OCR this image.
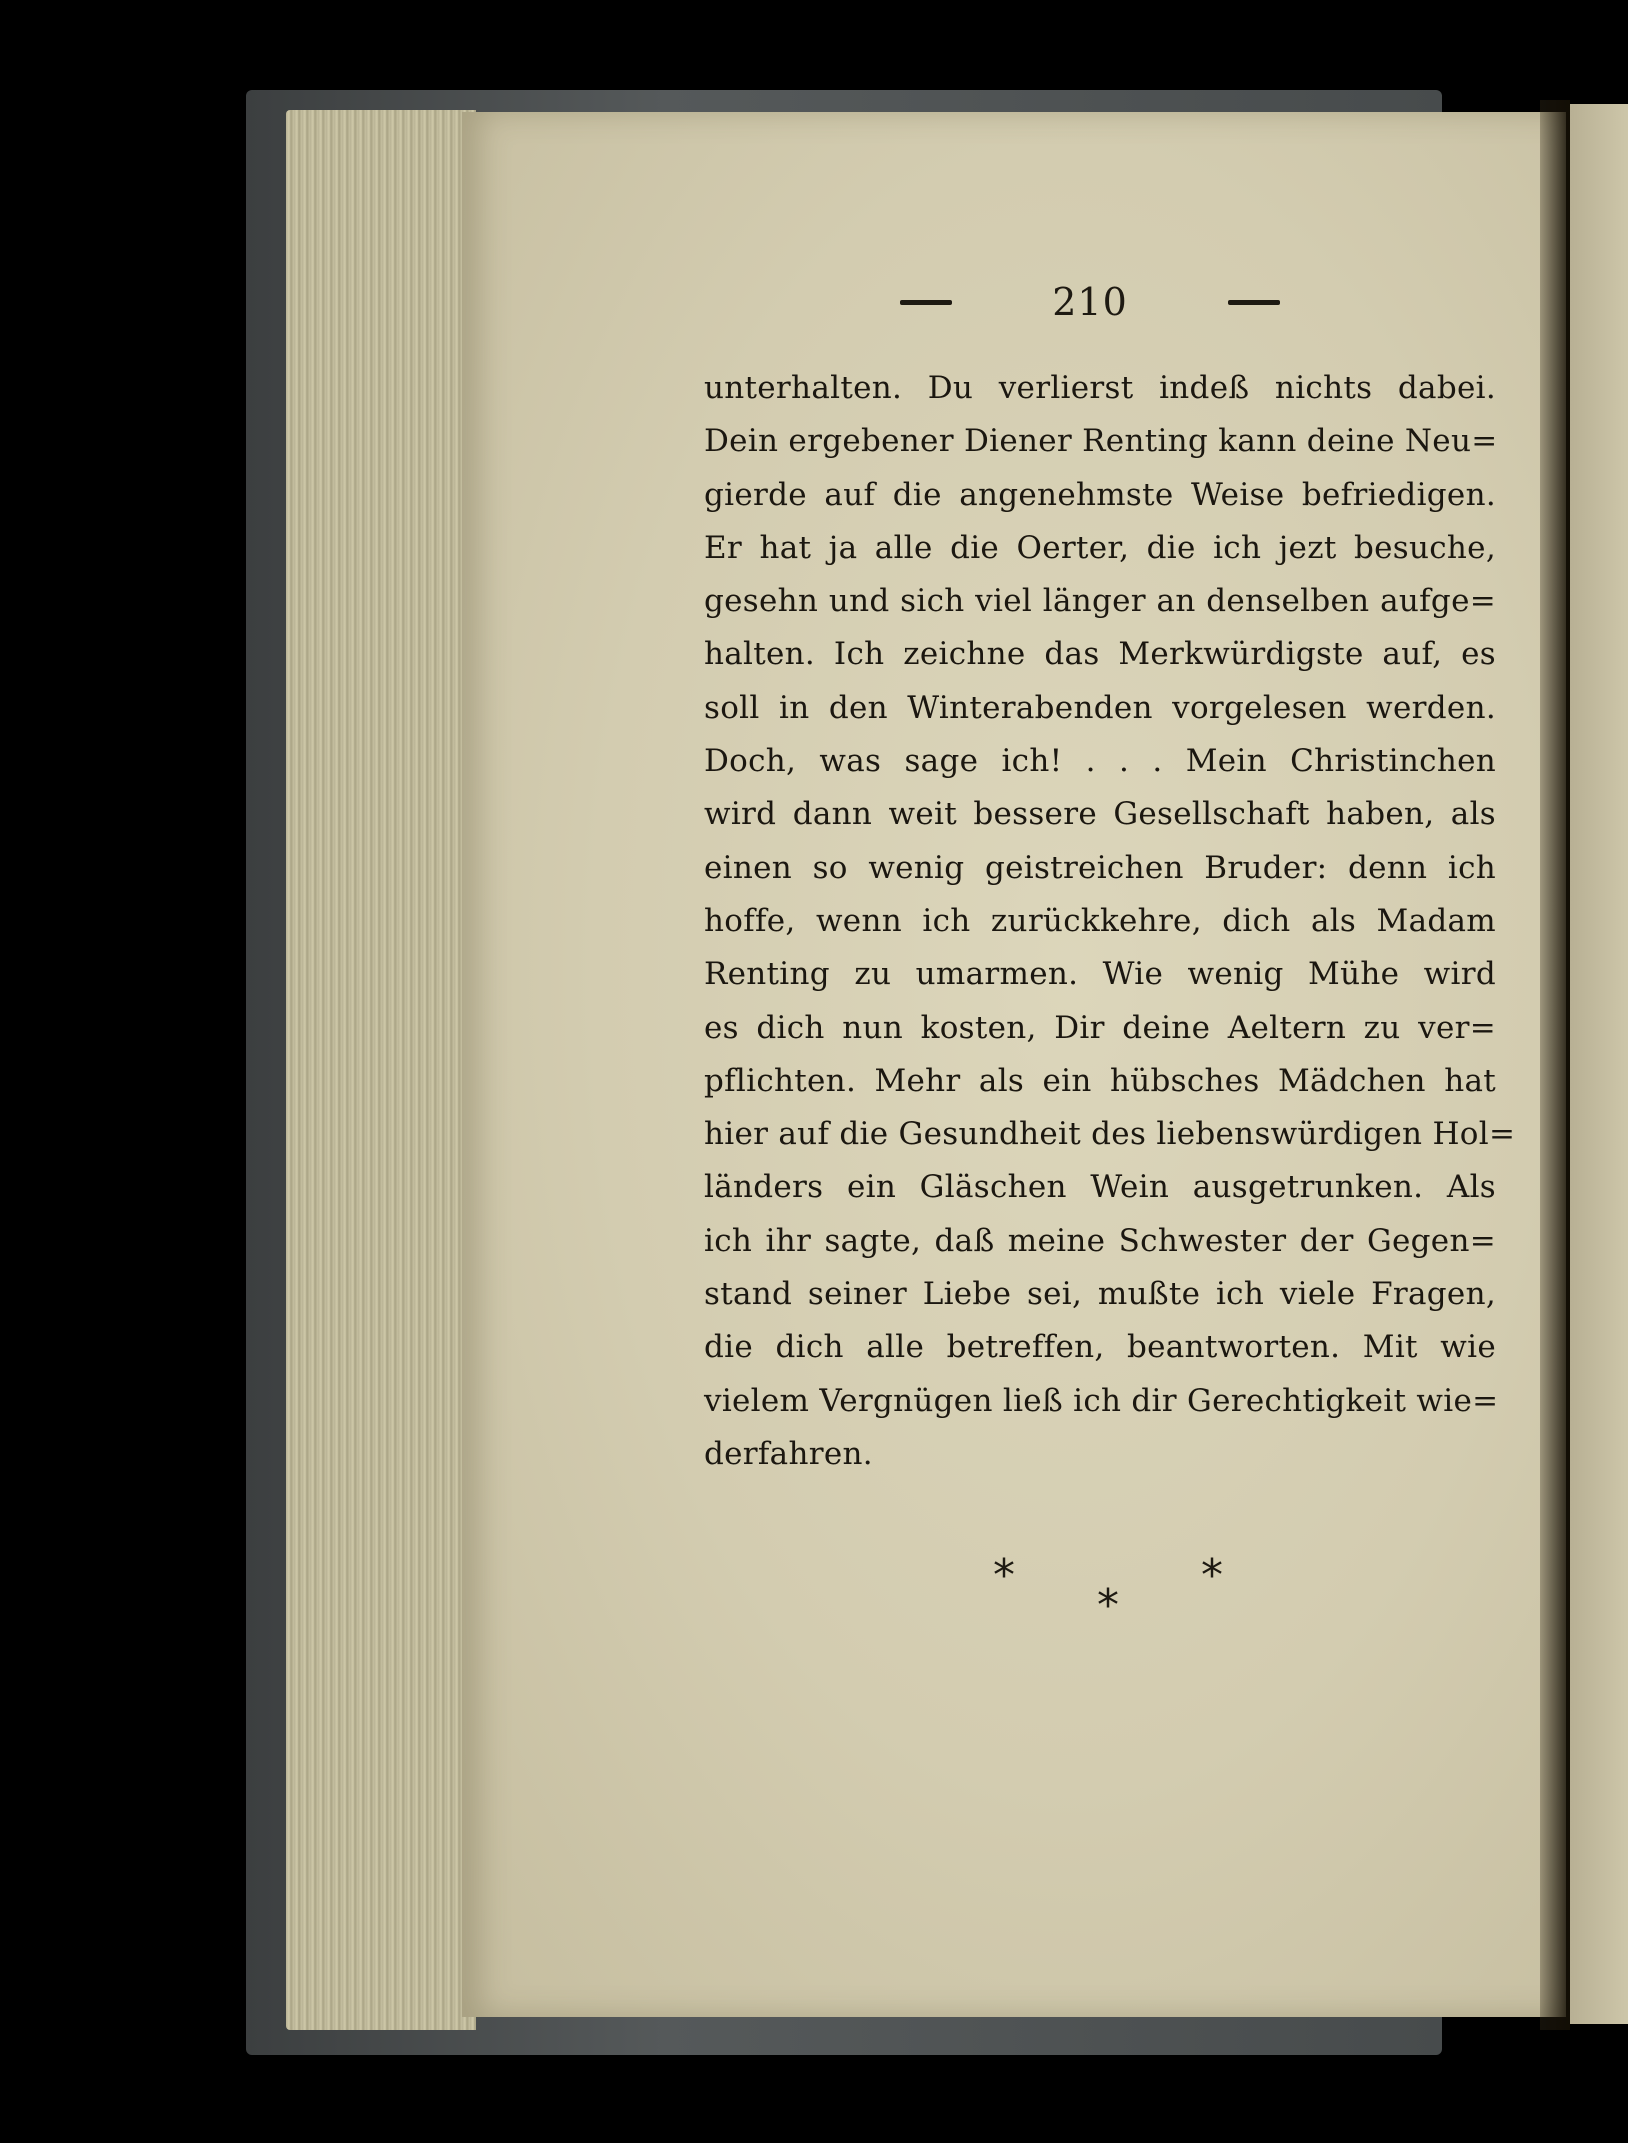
210
unterhalten. Du verlierst indeß nichts dabei.
Dein ergebener Diener Renting kann deine Neu=
gierde auf die angenehmste Weise befriedigen.
Er hat ja alle die Oerter, die ich jezt besuche,
gesehn und sich viel länger an denselben aufge=
halten. Ich zeichne das Merkwürdigste auf, es
soll in den Winterabenden vorgelesen werden.
Doch, was sage ich! . . . Mein Christinchen
wird dann weit bessere Gesellschaft haben, als
einen so wenig geistreichen Bruder: denn ich
hoffe, wenn ich zurückkehre, dich als Madam
Renting zu umarmen. Wie wenig Mühe wird
es dich nun kosten, Dir deine Aeltern zu ver=
pflichten. Mehr als ein hübsches Mädchen hat
hier auf die Gesundheit des liebenswürdigen Hol=
länders ein Gläschen Wein ausgetrunken. Als
ich ihr sagte, daß meine Schwester der Gegen=
stand seiner Liebe sei, mußte ich viele Fragen,
die dich alle betreffen, beantworten. Mit wie
vielem Vergnügen ließ ich dir Gerechtigkeit wie=
derfahren.
*
*
*
